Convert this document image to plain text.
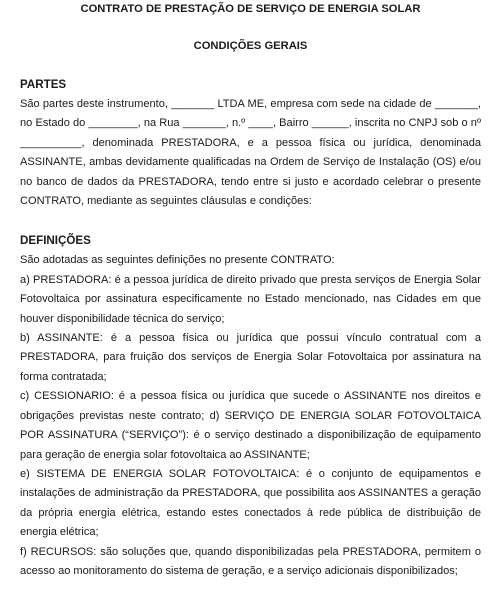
CONTRATO DE PRESTAÇÃO DE SERVIÇO DE ENERGIA SOLAR
CONDIÇÕES GERAIS
PARTES

São partes deste instrumento, _______ LTDA ME, empresa com sede na cidade de _______, no Estado do ________, na Rua _______, n.º ____, Bairro ______, inscrita no CNPJ sob o nº __________, denominada PRESTADORA, e a pessoa física ou jurídica, denominada ASSINANTE, ambas devidamente qualificadas na Ordem de Serviço de Instalação (OS) e/ou no banco de dados da PRESTADORA, tendo entre si justo e acordado celebrar o presente CONTRATO, mediante as seguintes cláusulas e condições:

DEFINIÇÕES

São adotadas as seguintes definições no presente CONTRATO:

a) PRESTADORA: é a pessoa jurídica de direito privado que presta serviços de Energia Solar Fotovoltaica por assinatura especificamente no Estado mencionado, nas Cidades em que houver disponibilidade técnica do serviço;

b) ASSINANTE: é a pessoa física ou jurídica que possui vínculo contratual com a PRESTADORA, para fruição dos serviços de Energia Solar Fotovoltaica por assinatura na forma contratada;

c) CESSIONARIO: é a pessoa física ou jurídica que sucede o ASSINANTE nos direitos e obrigações previstas neste contrato; d) SERVIÇO DE ENERGIA SOLAR FOTOVOLTAICA POR ASSINATURA (“SERVIÇO”): é o serviço destinado a disponibilização de equipamento para geração de energia solar fotovoltaica ao ASSINANTE;

e) SISTEMA DE ENERGIA SOLAR FOTOVOLTAICA: é o conjunto de equipamentos e instalações de administração da PRESTADORA, que possibilita aos ASSINANTES a geração da própria energia elétrica, estando estes conectados à rede pública de distribuição de energia elétrica;

f) RECURSOS: são soluções que, quando disponibilizadas pela PRESTADORA, permitem o acesso ao monitoramento do sistema de geração, e a serviço adicionais disponibilizados;
